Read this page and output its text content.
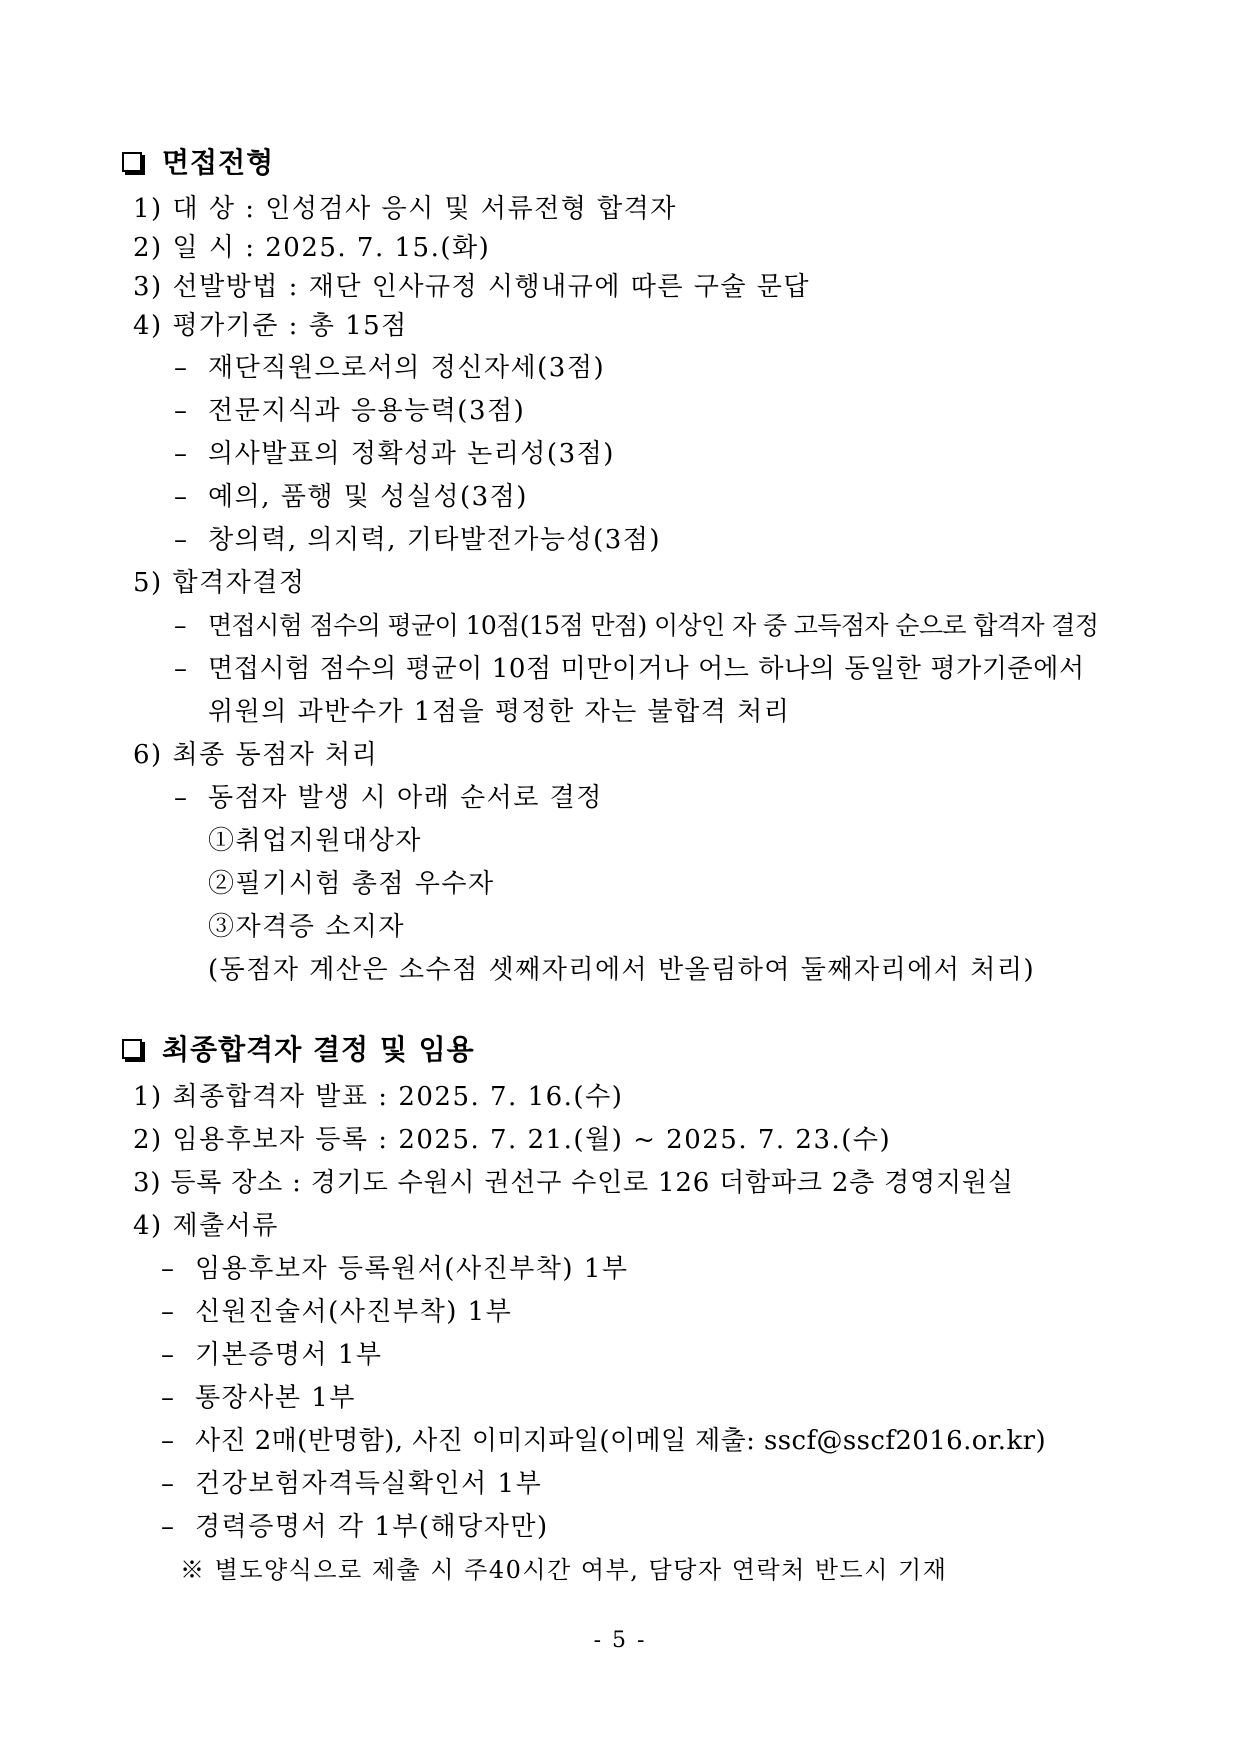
면접전형
1) 대 상 : 인성검사 응시 및 서류전형 합격자
2) 일 시 : 2025. 7. 15.(화)
3) 선발방법 : 재단 인사규정 시행내규에 따른 구술 문답
4) 평가기준 : 총 15점
– 재단직원으로서의 정신자세(3점)
– 전문지식과 응용능력(3점)
– 의사발표의 정확성과 논리성(3점)
– 예의, 품행 및 성실성(3점)
– 창의력, 의지력, 기타발전가능성(3점)
5) 합격자결정
– 면접시험 점수의 평균이 10점(15점 만점) 이상인 자 중 고득점자 순으로 합격자 결정
– 면접시험 점수의 평균이 10점 미만이거나 어느 하나의 동일한 평가기준에서
위원의 과반수가 1점을 평정한 자는 불합격 처리
6) 최종 동점자 처리
– 동점자 발생 시 아래 순서로 결정
①취업지원대상자
②필기시험 총점 우수자
③자격증 소지자
(동점자 계산은 소수점 셋째자리에서 반올림하여 둘째자리에서 처리)
최종합격자 결정 및 임용
1) 최종합격자 발표 : 2025. 7. 16.(수)
2) 임용후보자 등록 : 2025. 7. 21.(월) ~ 2025. 7. 23.(수)
3) 등록 장소 : 경기도 수원시 권선구 수인로 126 더함파크 2층 경영지원실
4) 제출서류
– 임용후보자 등록원서(사진부착) 1부
– 신원진술서(사진부착) 1부
– 기본증명서 1부
– 통장사본 1부
– 사진 2매(반명함), 사진 이미지파일(이메일 제출: sscf@sscf2016.or.kr)
– 건강보험자격득실확인서 1부
– 경력증명서 각 1부(해당자만)
※ 별도양식으로 제출 시 주40시간 여부, 담당자 연락처 반드시 기재
- 5 -
